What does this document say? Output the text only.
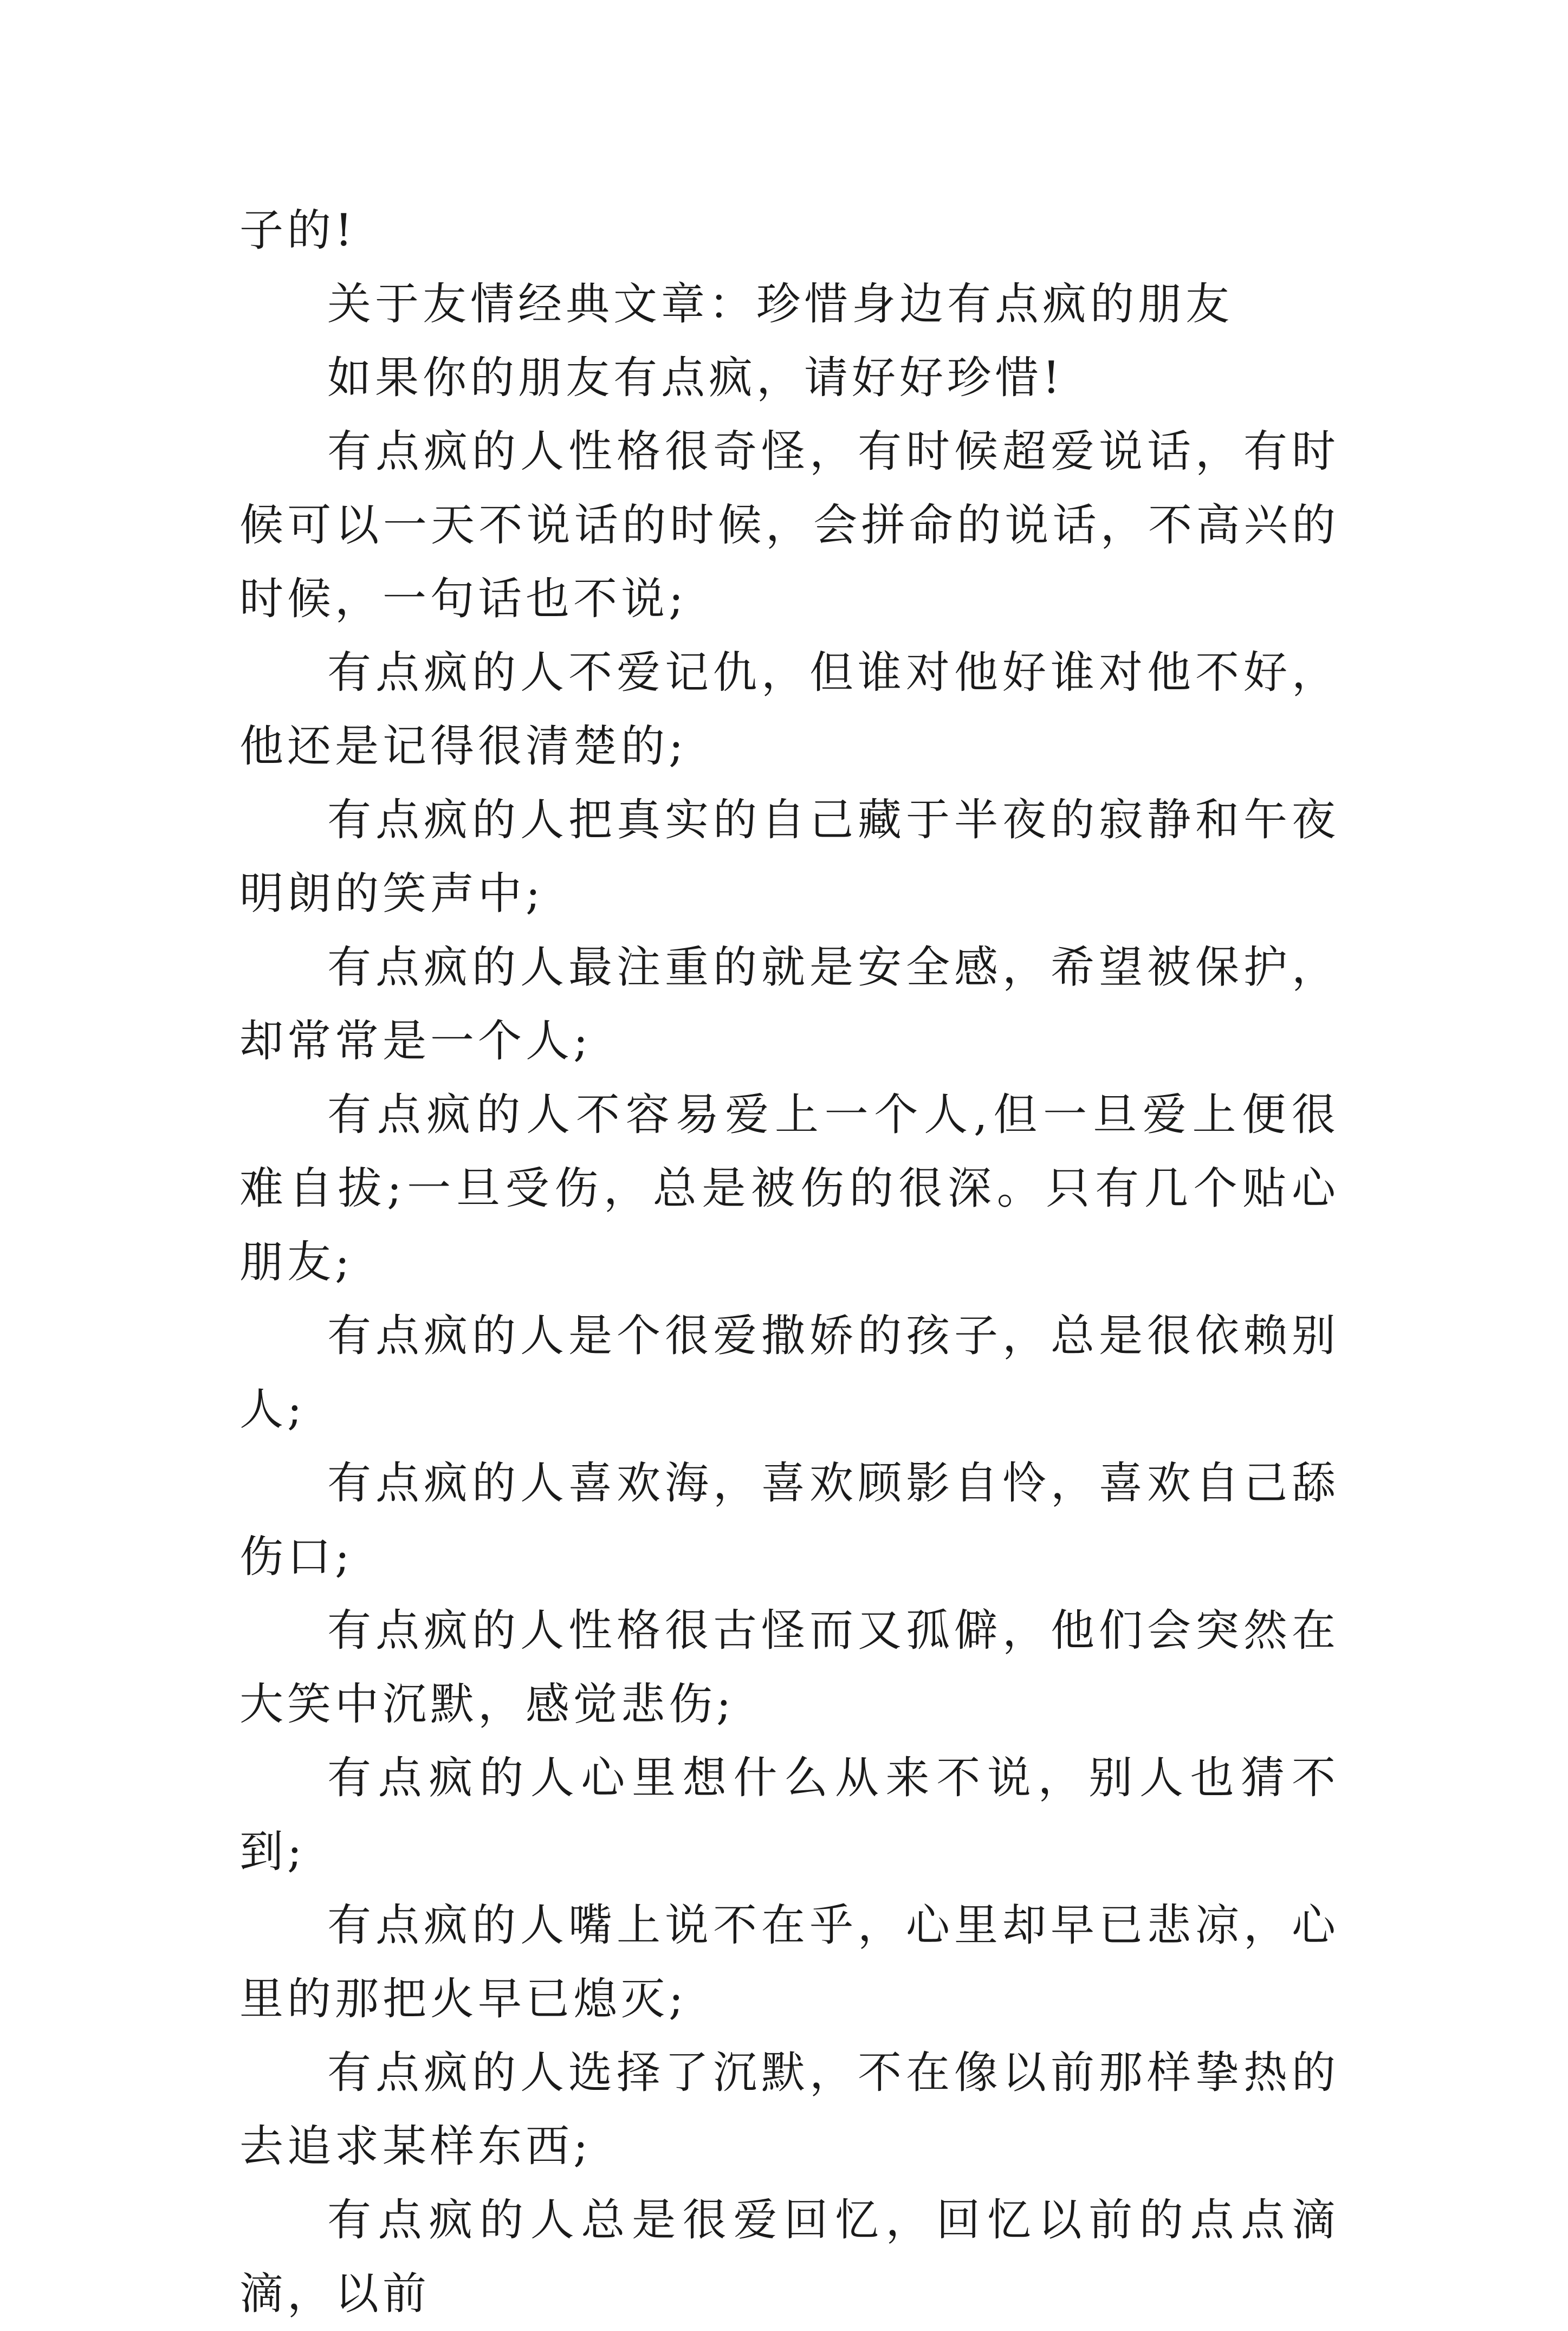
子的!

关于友情经典文章：珍惜身边有点疯的朋友

如果你的朋友有点疯，请好好珍惜!

有点疯的人性格很奇怪，有时候超爱说话，有时候可以一天不说话的时候，会拼命的说话，不高兴的时候，一句话也不说;

有点疯的人不爱记仇，但谁对他好谁对他不好，他还是记得很清楚的;

有点疯的人把真实的自己藏于半夜的寂静和午夜明朗的笑声中;

有点疯的人最注重的就是安全感，希望被保护，却常常是一个人;

有点疯的人不容易爱上一个人,但一旦爱上便很难自拔;一旦受伤，总是被伤的很深。只有几个贴心朋友;

有点疯的人是个很爱撒娇的孩子，总是很依赖别人;

有点疯的人喜欢海，喜欢顾影自怜，喜欢自己舔伤口;

有点疯的人性格很古怪而又孤僻，他们会突然在大笑中沉默，感觉悲伤;

有点疯的人心里想什么从来不说，别人也猜不到;

有点疯的人嘴上说不在乎，心里却早已悲凉，心里的那把火早已熄灭;

有点疯的人选择了沉默，不在像以前那样挚热的去追求某样东西;

有点疯的人总是很爱回忆，回忆以前的点点滴滴，以前
